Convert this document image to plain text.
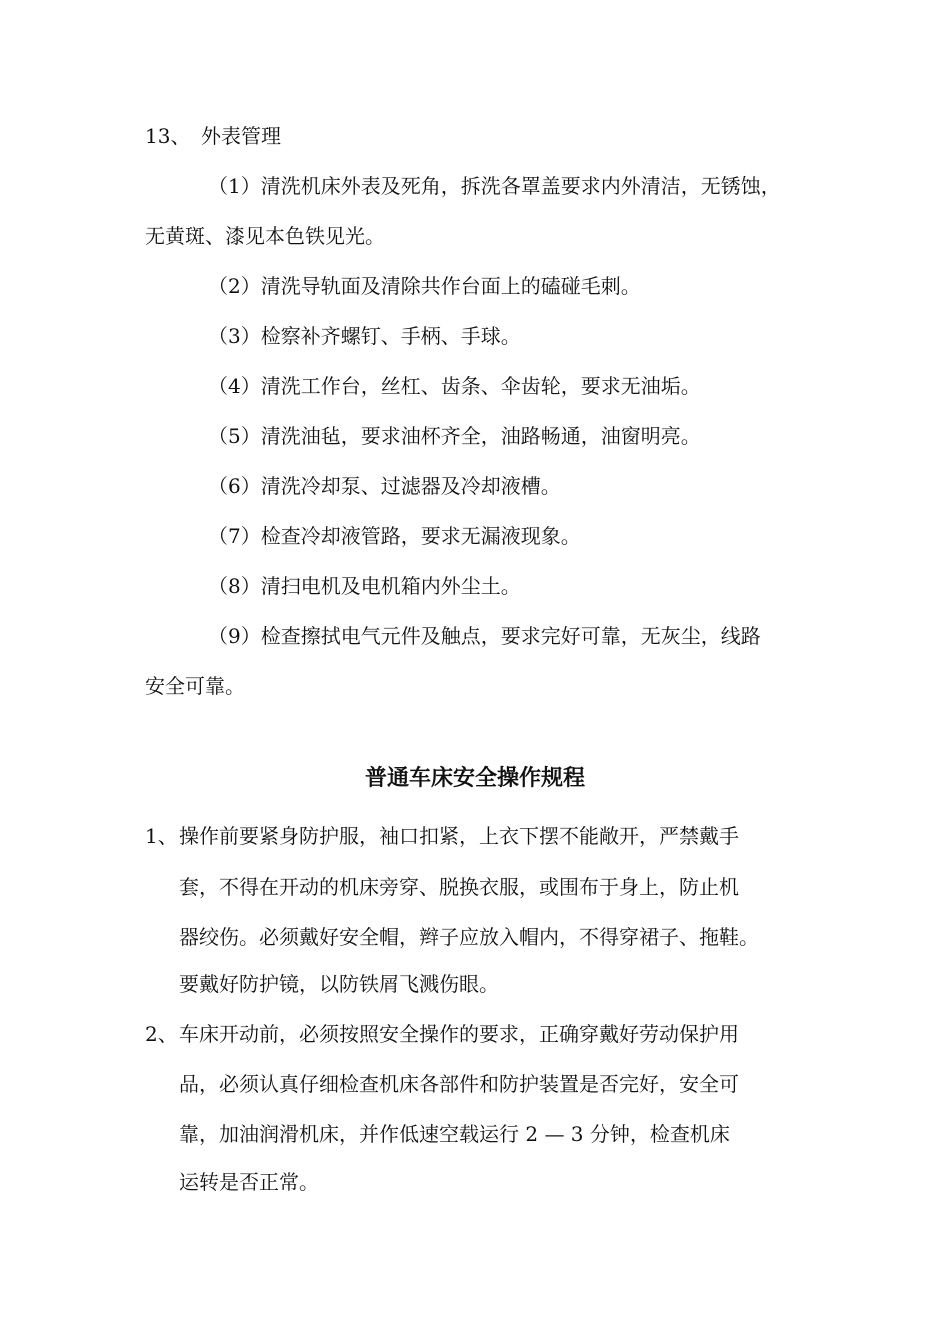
13、 外表管理
（1）清洗机床外表及死角，拆洗各罩盖要求内外清洁，无锈蚀，
无黄斑、漆见本色铁见光。
（2）清洗导轨面及清除共作台面上的磕碰毛刺。
（3）检察补齐螺钉、手柄、手球。
（4）清洗工作台，丝杠、齿条、伞齿轮，要求无油垢。
（5）清洗油毡，要求油杯齐全，油路畅通，油窗明亮。
（6）清洗冷却泵、过滤器及冷却液槽。
（7）检查冷却液管路，要求无漏液现象。
（8）清扫电机及电机箱内外尘土。
（9）检查擦拭电气元件及触点，要求完好可靠，无灰尘，线路
安全可靠。
普通车床安全操作规程
1、 操作前要紧身防护服，袖口扣紧，上衣下摆不能敞开，严禁戴手
套，不得在开动的机床旁穿、脱换衣服，或围布于身上，防止机
器绞伤。必须戴好安全帽，辫子应放入帽内，不得穿裙子、拖鞋。
要戴好防护镜，以防铁屑飞溅伤眼。
2、 车床开动前，必须按照安全操作的要求，正确穿戴好劳动保护用
品，必须认真仔细检查机床各部件和防护装置是否完好，安全可
靠，加油润滑机床，并作低速空载运行 2 — 3 分钟，检查机床
运转是否正常。
